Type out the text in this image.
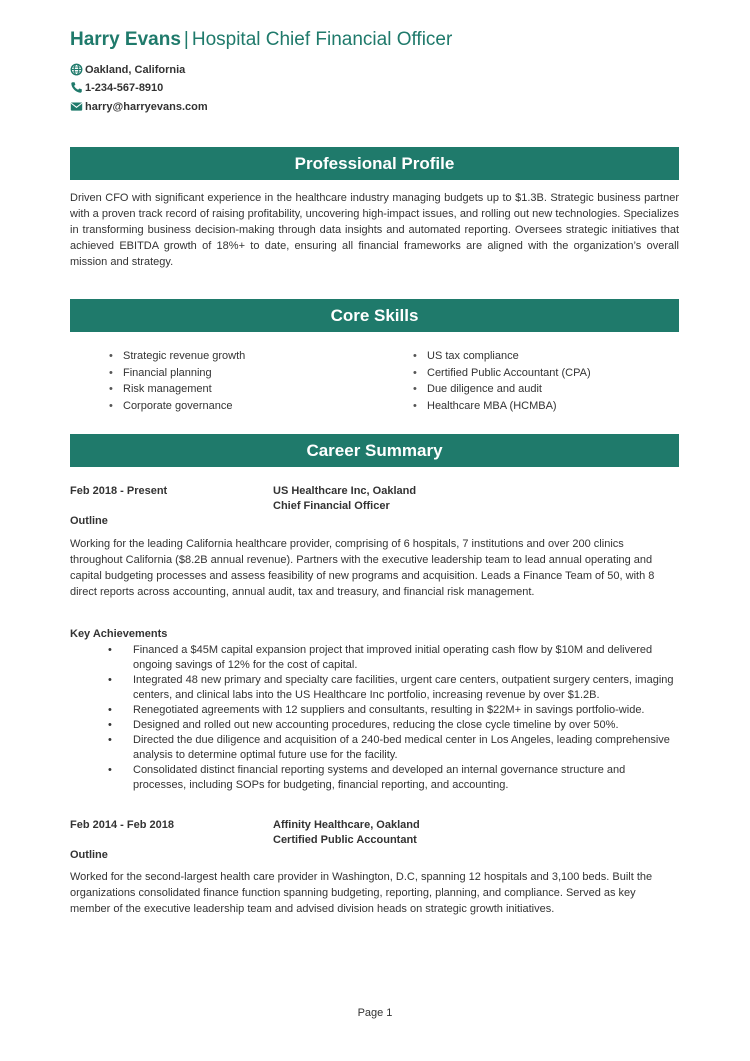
Harry Evans | Hospital Chief Financial Officer
Oakland, California
1-234-567-8910
harry@harryevans.com
Professional Profile
Driven CFO with significant experience in the healthcare industry managing budgets up to $1.3B. Strategic business partner with a proven track record of raising profitability, uncovering high-impact issues, and rolling out new technologies. Specializes in transforming business decision-making through data insights and automated reporting. Oversees strategic initiatives that achieved EBITDA growth of 18%+ to date, ensuring all financial frameworks are aligned with the organization’s overall mission and strategy.
Core Skills
• Strategic revenue growth
• Financial planning
• Risk management
• Corporate governance
• US tax compliance
• Certified Public Accountant (CPA)
• Due diligence and audit
• Healthcare MBA (HCMBA)
Career Summary
Feb 2018 - Present	US Healthcare Inc, Oakland
Chief Financial Officer
Outline
Working for the leading California healthcare provider, comprising of 6 hospitals, 7 institutions and over 200 clinics throughout California ($8.2B annual revenue). Partners with the executive leadership team to lead annual operating and capital budgeting processes and assess feasibility of new programs and acquisition. Leads a Finance Team of 50, with 8 direct reports across accounting, annual audit, tax and treasury, and financial risk management.
Key Achievements
• Financed a $45M capital expansion project that improved initial operating cash flow by $10M and delivered ongoing savings of 12% for the cost of capital.
• Integrated 48 new primary and specialty care facilities, urgent care centers, outpatient surgery centers, imaging centers, and clinical labs into the US Healthcare Inc portfolio, increasing revenue by over $1.2B.
• Renegotiated agreements with 12 suppliers and consultants, resulting in $22M+ in savings portfolio-wide.
• Designed and rolled out new accounting procedures, reducing the close cycle timeline by over 50%.
• Directed the due diligence and acquisition of a 240-bed medical center in Los Angeles, leading comprehensive analysis to determine optimal future use for the facility.
• Consolidated distinct financial reporting systems and developed an internal governance structure and processes, including SOPs for budgeting, financial reporting, and accounting.
Feb 2014 - Feb 2018	Affinity Healthcare, Oakland
Certified Public Accountant
Outline
Worked for the second-largest health care provider in Washington, D.C, spanning 12 hospitals and 3,100 beds. Built the organizations consolidated finance function spanning budgeting, reporting, planning, and compliance. Served as key member of the executive leadership team and advised division heads on strategic growth initiatives.
Page 1
